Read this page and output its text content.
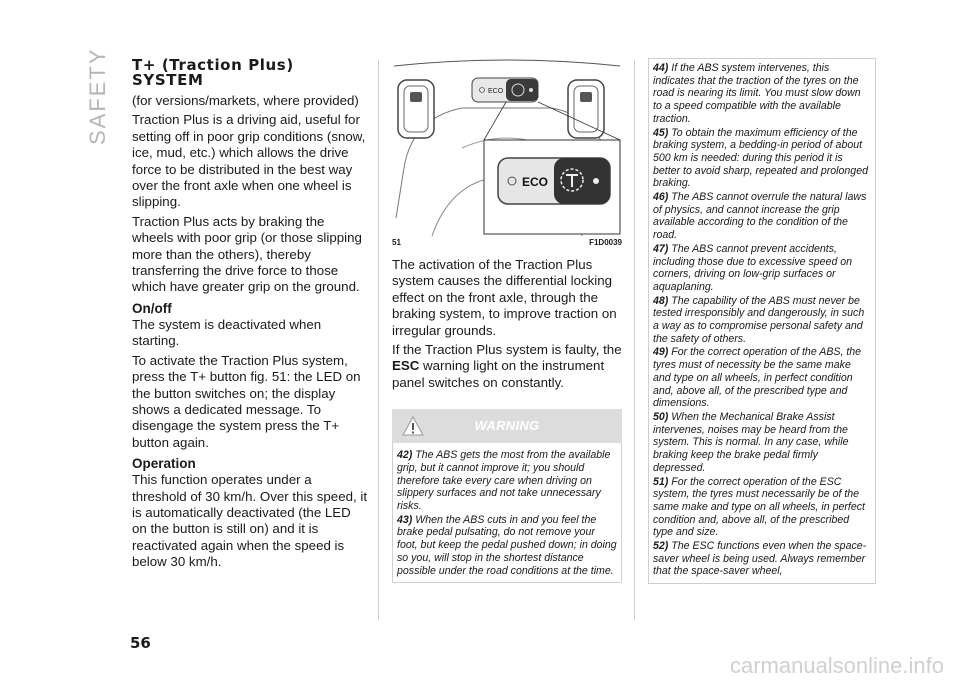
SAFETY T+ (Traction Plus)
SYSTEM

(for versions/markets, where provided)

Traction Plus is a driving aid, useful for setting off in poor grip conditions (snow, ice, mud, etc.) which allows the drive force to be distributed in the best way over the front axle when one wheel is slipping.

Traction Plus acts by braking the wheels with poor grip (or those slipping more than the others), thereby transferring the drive force to those which have greater grip on the ground.

On/off

The system is deactivated when starting.

To activate the Traction Plus system, press the T+ button fig. 51: the LED on the button switches on; the display shows a dedicated message. To disengage the system press the T+ button again.

Operation

This function operates under a threshold of 30 km/h. Over this speed, it is automatically deactivated (the LED on the button is still on) and it is reactivated again when the speed is below 30 km/h.

ECO
ECO
51	F1D0039

The activation of the Traction Plus system causes the differential locking effect on the front axle, through the braking system, to improve traction on irregular grounds.

If the Traction Plus system is faulty, the ESC warning light on the instrument panel switches on constantly.

WARNING

42) The ABS gets the most from the available grip, but it cannot improve it; you should therefore take every care when driving on slippery surfaces and not take unnecessary risks.

43) When the ABS cuts in and you feel the brake pedal pulsating, do not remove your foot, but keep the pedal pushed down; in doing so you, will stop in the shortest distance possible under the road conditions at the time.

44) If the ABS system intervenes, this indicates that the traction of the tyres on the road is nearing its limit. You must slow down to a speed compatible with the available traction.

45) To obtain the maximum efficiency of the braking system, a bedding-in period of about 500 km is needed: during this period it is better to avoid sharp, repeated and prolonged braking.

46) The ABS cannot overrule the natural laws of physics, and cannot increase the grip available according to the condition of the road.

47) The ABS cannot prevent accidents, including those due to excessive speed on corners, driving on low-grip surfaces or aquaplaning.

48) The capability of the ABS must never be tested irresponsibly and dangerously, in such a way as to compromise personal safety and the safety of others.

49) For the correct operation of the ABS, the tyres must of necessity be the same make and type on all wheels, in perfect condition and, above all, of the prescribed type and dimensions.

50) When the Mechanical Brake Assist intervenes, noises may be heard from the system. This is normal. In any case, while braking keep the brake pedal firmly depressed.

51) For the correct operation of the ESC system, the tyres must necessarily be of the same make and type on all wheels, in perfect condition and, above all, of the prescribed type and size.

52) The ESC functions even when the space-saver wheel is being used. Always remember that the space-saver wheel,

56
carmanualsonline.info
